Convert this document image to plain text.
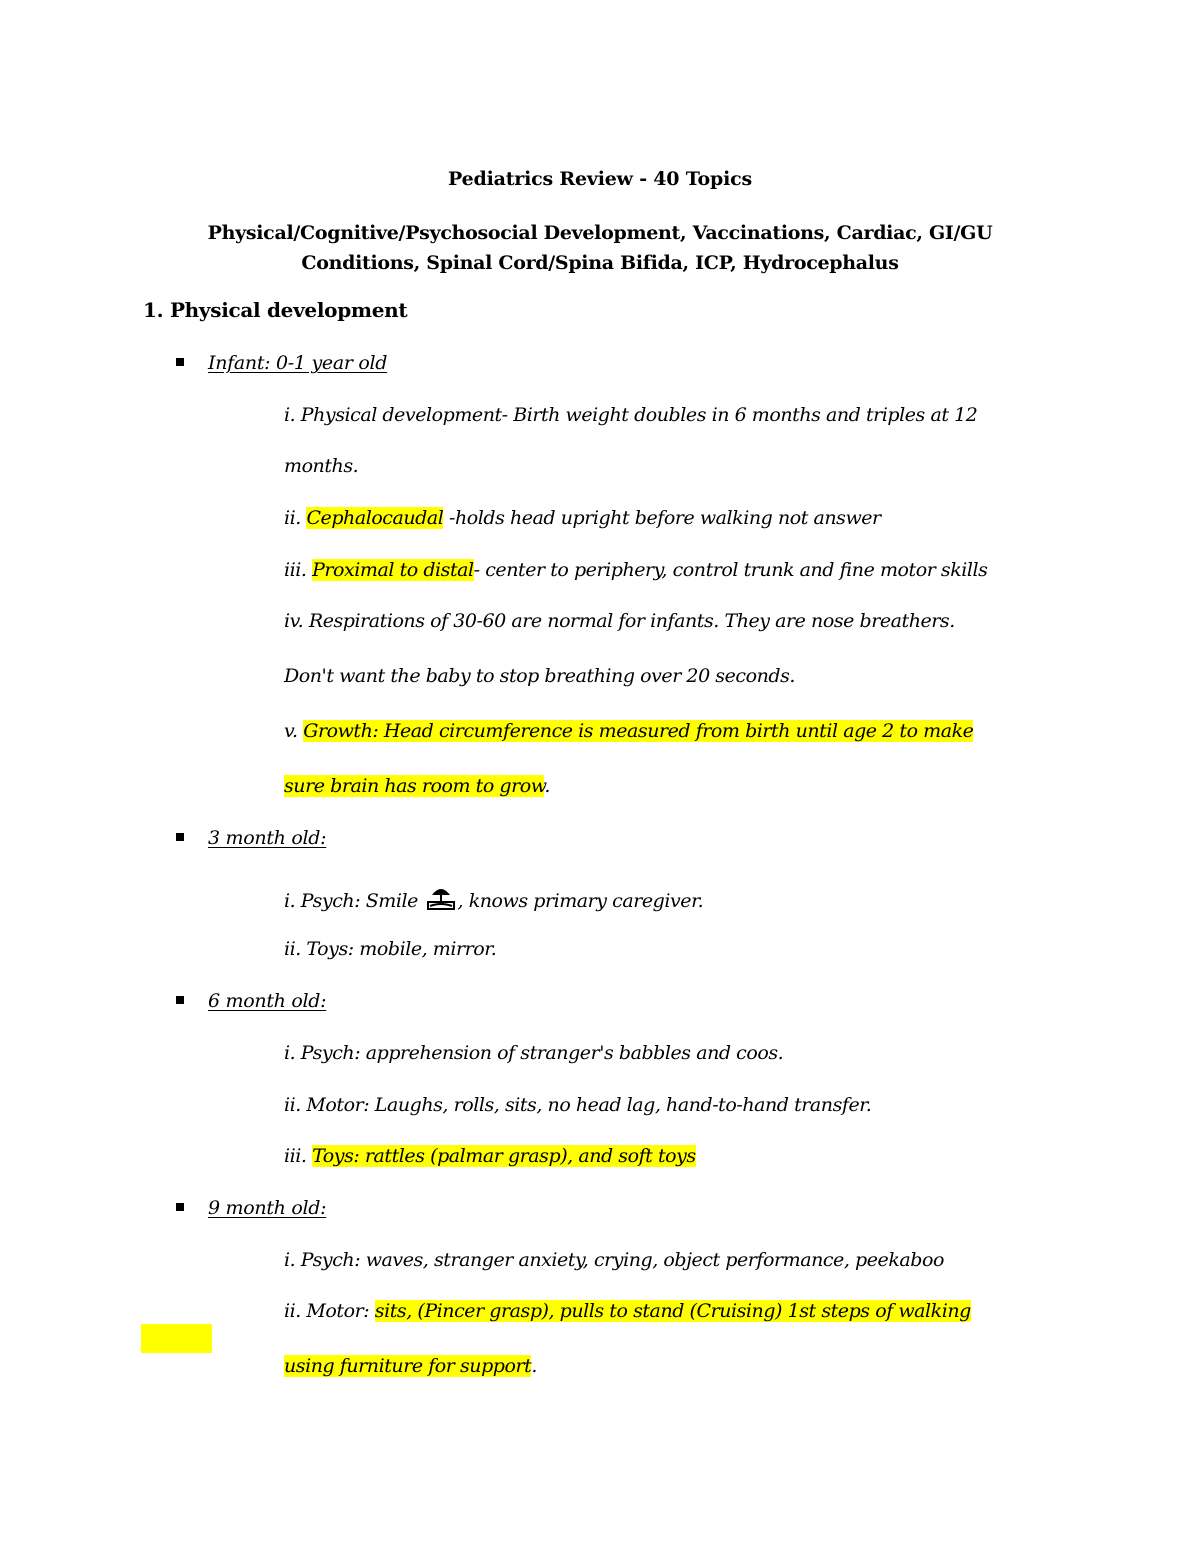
Pediatrics Review - 40 Topics
Physical/Cognitive/Psychosocial Development, Vaccinations, Cardiac, GI/GU
Conditions, Spinal Cord/Spina Bifida, ICP, Hydrocephalus
1. Physical development
Infant: 0-1 year old
i. Physical development- Birth weight doubles in 6 months and triples at 12
months.
ii. Cephalocaudal -holds head upright before walking not answer
iii. Proximal to distal- center to periphery, control trunk and fine motor skills
iv. Respirations of 30-60 are normal for infants. They are nose breathers.
Don't want the baby to stop breathing over 20 seconds.
v. Growth: Head circumference is measured from birth until age 2 to make
sure brain has room to grow.
3 month old:
i. Psych: Smile , knows primary caregiver.
ii. Toys: mobile, mirror.
6 month old:
i. Psych: apprehension of stranger's babbles and coos.
ii. Motor: Laughs, rolls, sits, no head lag, hand-to-hand transfer.
iii. Toys: rattles (palmar grasp), and soft toys
9 month old:
i. Psych: waves, stranger anxiety, crying, object performance, peekaboo
ii. Motor: sits, (Pincer grasp), pulls to stand (Cruising) 1st steps of walking
using furniture for support.
